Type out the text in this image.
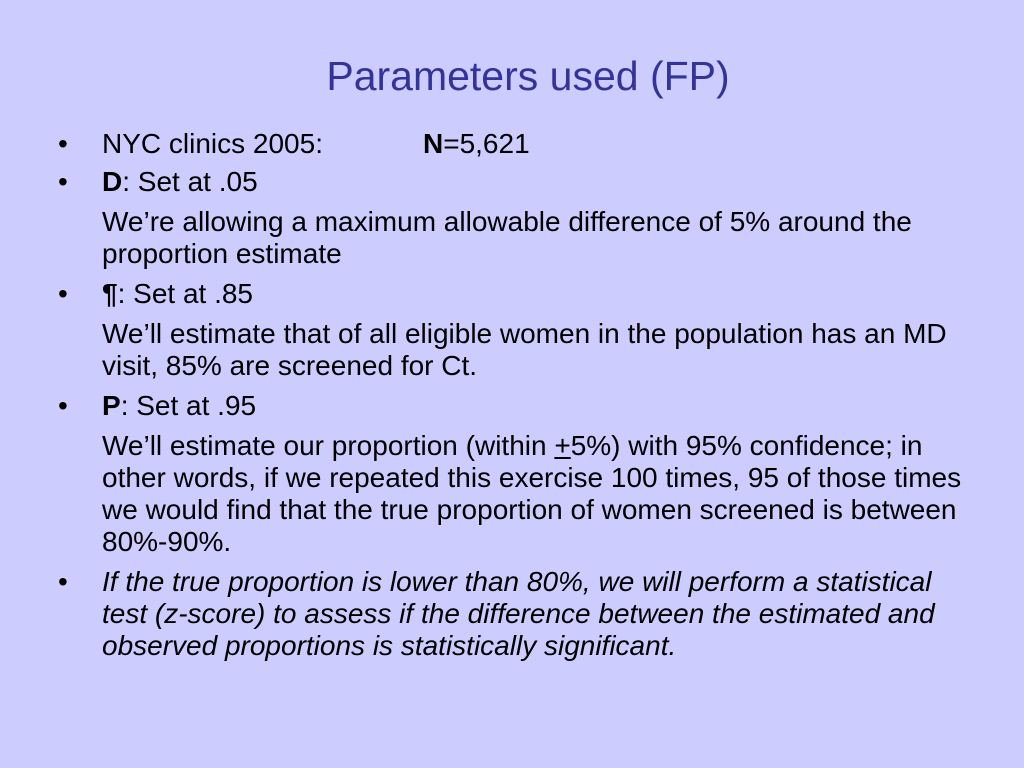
Parameters used (FP)
•	NYC clinics 2005:	N=5,621
•	D: Set at .05
We’re allowing a maximum allowable difference of 5% around the proportion estimate
•	¶: Set at .85
We’ll estimate that of all eligible women in the population has an MD visit, 85% are screened for Ct.
•	P: Set at .95
We’ll estimate our proportion (within +5%) with 95% confidence; in other words, if we repeated this exercise 100 times, 95 of those times we would find that the true proportion of women screened is between 80%-90%.
•	If the true proportion is lower than 80%, we will perform a statistical test (z-score) to assess if the difference between the estimated and observed proportions is statistically significant.
